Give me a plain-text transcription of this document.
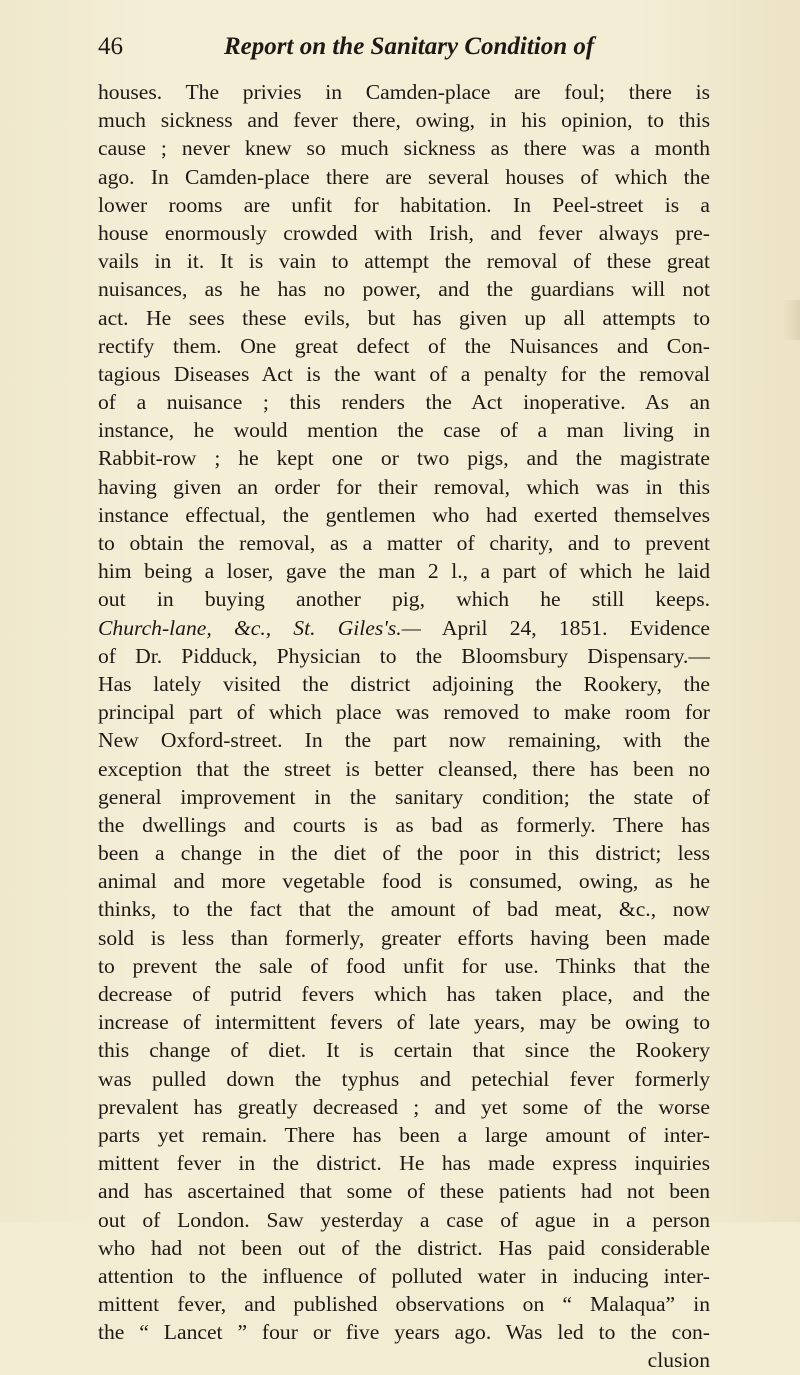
46	Report on the Sanitary Condition of
houses. The privies in Camden-place are foul; there is
much sickness and fever there, owing, in his opinion, to this
cause ; never knew so much sickness as there was a month
ago. In Camden-place there are several houses of which the
lower rooms are unfit for habitation. In Peel-street is a
house enormously crowded with Irish, and fever always pre-
vails in it. It is vain to attempt the removal of these great
nuisances, as he has no power, and the guardians will not
act. He sees these evils, but has given up all attempts to
rectify them. One great defect of the Nuisances and Con-
tagious Diseases Act is the want of a penalty for the removal
of a nuisance ; this renders the Act inoperative. As an
instance, he would mention the case of a man living in
Rabbit-row ; he kept one or two pigs, and the magistrate
having given an order for their removal, which was in this
instance effectual, the gentlemen who had exerted themselves
to obtain the removal, as a matter of charity, and to prevent
him being a loser, gave the man 2 l., a part of which he laid
out in buying another pig, which he still keeps.
Church-lane, &c., St. Giles's.— April 24, 1851. Evidence
of Dr. Pidduck, Physician to the Bloomsbury Dispensary.—
Has lately visited the district adjoining the Rookery, the
principal part of which place was removed to make room for
New Oxford-street. In the part now remaining, with the
exception that the street is better cleansed, there has been no
general improvement in the sanitary condition; the state of
the dwellings and courts is as bad as formerly. There has
been a change in the diet of the poor in this district; less
animal and more vegetable food is consumed, owing, as he
thinks, to the fact that the amount of bad meat, &c., now
sold is less than formerly, greater efforts having been made
to prevent the sale of food unfit for use. Thinks that the
decrease of putrid fevers which has taken place, and the
increase of intermittent fevers of late years, may be owing to
this change of diet. It is certain that since the Rookery
was pulled down the typhus and petechial fever formerly
prevalent has greatly decreased ; and yet some of the worse
parts yet remain. There has been a large amount of inter-
mittent fever in the district. He has made express inquiries
and has ascertained that some of these patients had not been
out of London. Saw yesterday a case of ague in a person
who had not been out of the district. Has paid considerable
attention to the influence of polluted water in inducing inter-
mittent fever, and published observations on “ Malaqua” in
the “ Lancet ” four or five years ago. Was led to the con-
clusion
